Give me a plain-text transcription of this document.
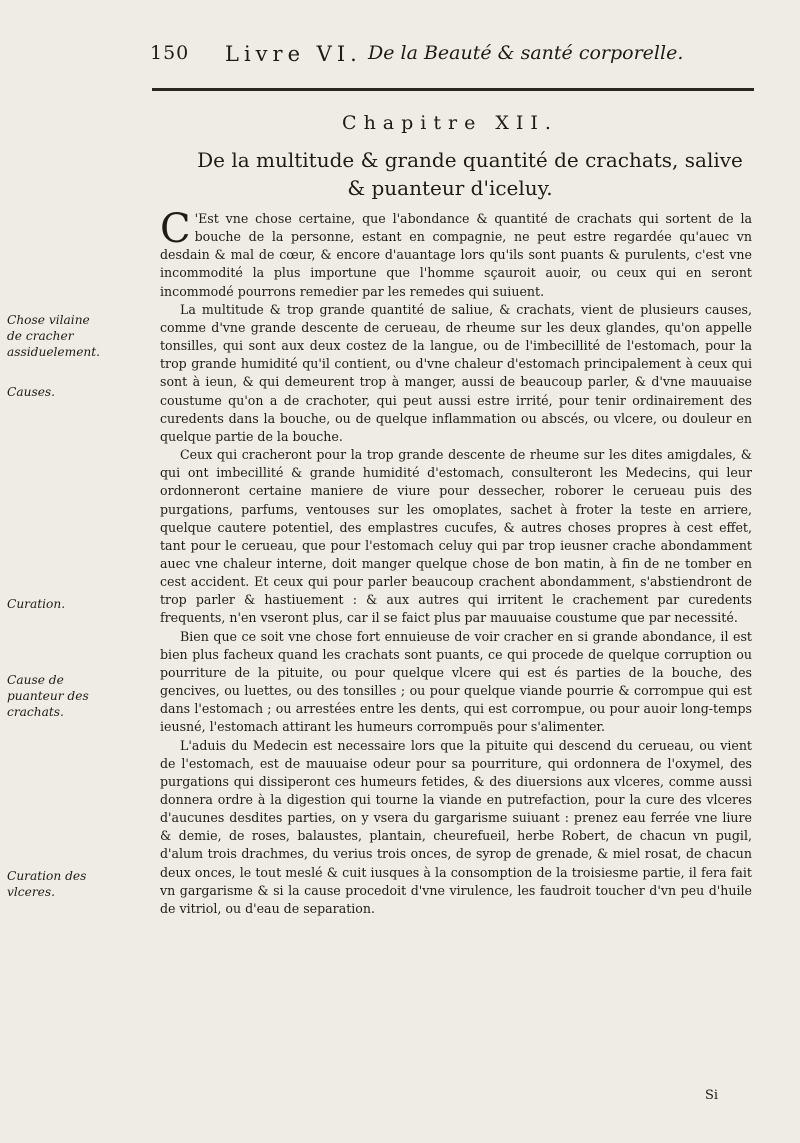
150 Livre VI. De la Beauté & santé corporelle.
Chapitre XII.
De la multitude & grande quantité de crachats, salive
& puanteur d'iceluy.
Chose vilaine de cracher assiduelement.
Causes.
Curation.
Cause de puanteur des crachats.
Curation des vlceres.

C 'Est vne chose certaine, que l'abondance & quantité de crachats qui sortent de la bouche de la personne, estant en compagnie, ne peut estre regardée qu'auec vn desdain & mal de cœur, & encore d'auantage lors qu'ils sont puants & purulents, c'est vne incommodité la plus importune que l'homme sçauroit auoir, ou ceux qui en seront incommodé pourrons remedier par les remedes qui suiuent.

La multitude & trop grande quantité de saliue, & crachats, vient de plusieurs causes, comme d'vne grande descente de cerueau, de rheume sur les deux glandes, qu'on appelle tonsilles, qui sont aux deux costez de la langue, ou de l'imbecillité de l'estomach, pour la trop grande humidité qu'il contient, ou d'vne chaleur d'estomach principalement à ceux qui sont à ieun, & qui demeurent trop à manger, aussi de beaucoup parler, & d'vne mauuaise coustume qu'on a de crachoter, qui peut aussi estre irrité, pour tenir ordinairement des curedents dans la bouche, ou de quelque inflammation ou abscés, ou vlcere, ou douleur en quelque partie de la bouche.

Ceux qui cracheront pour la trop grande descente de rheume sur les dites amigdales, & qui ont imbecillité & grande humidité d'estomach, consulteront les Medecins, qui leur ordonneront certaine maniere de viure pour dessecher, roborer le cerueau puis des purgations, parfums, ventouses sur les omoplates, sachet à froter la teste en arriere, quelque cautere potentiel, des emplastres cucufes, & autres choses propres à cest effet, tant pour le cerueau, que pour l'estomach celuy qui par trop ieusner crache abondamment auec vne chaleur interne, doit manger quelque chose de bon matin, à fin de ne tomber en cest accident. Et ceux qui pour parler beaucoup crachent abondamment, s'abstiendront de trop parler & hastiuement : & aux autres qui irritent le crachement par curedents frequents, n'en vseront plus, car il se faict plus par mauuaise coustume que par necessité.

Bien que ce soit vne chose fort ennuieuse de voir cracher en si grande abondance, il est bien plus facheux quand les crachats sont puants, ce qui procede de quelque corruption ou pourriture de la pituite, ou pour quelque vlcere qui est és parties de la bouche, des gencives, ou luettes, ou des tonsilles ; ou pour quelque viande pourrie & corrompue qui est dans l'estomach ; ou arrestées entre les dents, qui est corrompue, ou pour auoir long-temps ieusné, l'estomach attirant les humeurs corrompuës pour s'alimenter.

L'aduis du Medecin est necessaire lors que la pituite qui descend du cerueau, ou vient de l'estomach, est de mauuaise odeur pour sa pourriture, qui ordonnera de l'oxymel, des purgations qui dissiperont ces humeurs fetides, & des diuersions aux vlceres, comme aussi donnera ordre à la digestion qui tourne la viande en putrefaction, pour la cure des vlceres d'aucunes desdites parties, on y vsera du gargarisme suiuant : prenez eau ferrée vne liure & demie, de roses, balaustes, plantain, cheurefueil, herbe Robert, de chacun vn pugil, d'alum trois drachmes, du verius trois onces, de syrop de grenade, & miel rosat, de chacun deux onces, le tout meslé & cuit iusques à la consomption de la troisiesme partie, il fera fait vn gargarisme & si la cause procedoit d'vne virulence, les faudroit toucher d'vn peu d'huile de vitriol, ou d'eau de separation.

Si
